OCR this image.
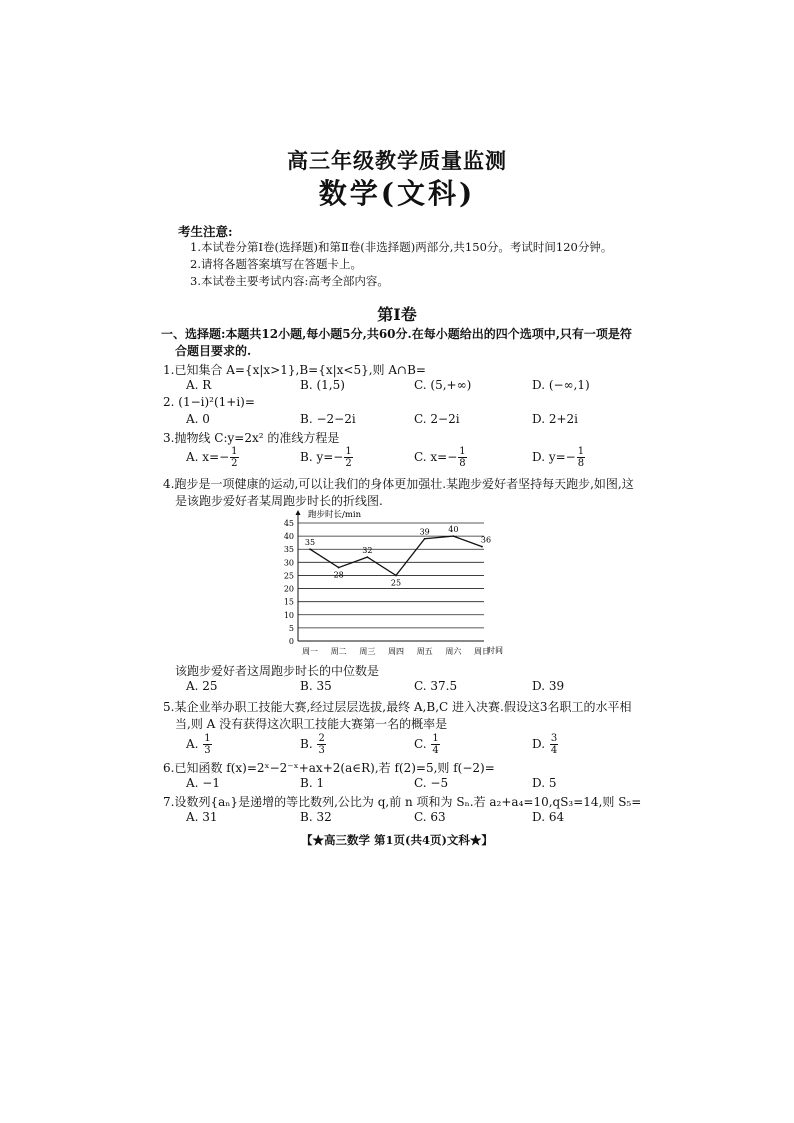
高三年级教学质量监测
数学(文科)
考生注意:
1.本试卷分第Ⅰ卷(选择题)和第Ⅱ卷(非选择题)两部分,共150分。考试时间120分钟。
2.请将各题答案填写在答题卡上。
3.本试卷主要考试内容:高考全部内容。
第Ⅰ卷
一、选择题:本题共12小题,每小题5分,共60分.在每小题给出的四个选项中,只有一项是符
合题目要求的.
1.已知集合 A={x|x>1},B={x|x<5},则 A∩B=
A. R	B. (1,5)	C. (5,+∞)	D. (−∞,1)
2. (1−i)²(1+i)=
A. 0	B. −2−2i	C. 2−2i	D. 2+2i
3.抛物线 C:y=2x² 的准线方程是
A. $x=- \frac{1}{2}$	B. $y=- \frac{1}{2}$	C. $x=- \frac{1}{8}$	D. $y=- \frac{1}{8}$
4.跑步是一项健康的运动,可以让我们的身体更加强壮.某跑步爱好者坚持每天跑步,如图,这
是该跑步爱好者某周跑步时长的折线图.
0
5
10
15
20
25
30
35
40
45
周一 周二 周三 周四 周五 周六 周日
35
28
32
25
39 40
36
跑步时长/min
时间
该跑步爱好者这周跑步时长的中位数是
A. 25	B. 35	C. 37.5	D. 39
5.某企业举办职工技能大赛,经过层层选拔,最终 A,B,C 进入决赛.假设这3名职工的水平相
当,则 A 没有获得这次职工技能大赛第一名的概率是
A. $\frac{1}{3}$	B. $\frac{2}{3}$	C. $\frac{1}{4}$	D. $\frac{3}{4}$
6.已知函数 f(x)=2ˣ−2⁻ˣ+ax+2(a∈R),若 f(2)=5,则 f(−2)=
A. −1	B. 1	C. −5	D. 5
7.设数列{aₙ}是递增的等比数列,公比为 q,前 n 项和为 Sₙ.若 a₂+a₄=10,qS₃=14,则 S₅=
A. 31	B. 32	C. 63	D. 64
【★高三数学 第1页(共4页)文科★】
